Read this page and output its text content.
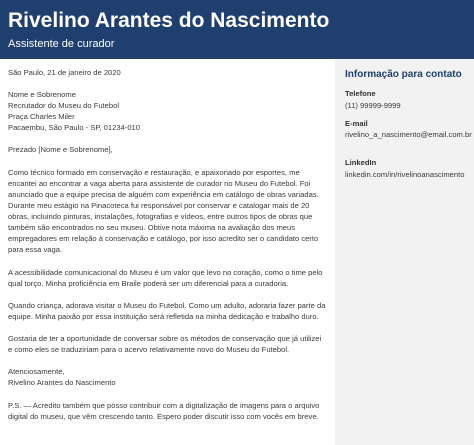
Rivelino Arantes do Nascimento
Assistente de curador

São Paulo, 21 de janeiro de 2020

Nome e Sobrenome

Recrutador do Museu do Futebol

Praça Charles Miler

Pacaembu, São Paulo - SP, 01234-010

Prezado [Nome e Sobrenome],

Como técnico formado em conservação e restauração, e apaixonado por esportes, me encantei ao encontrar a vaga aberta para assistente de curador no Museu do Futebol. Foi anunciado que a equipe precisa de alguém com experiência em catálogo de obras variadas. Durante meu estágio na Pinacoteca fui responsável por conservar e catalogar mais de 20 obras, incluindo pinturas, instalações, fotografias e vídeos, entre outros tipos de obras que também são encontrados no seu museu. Obtive nota máxima na avaliação dos meus empregadores em relação à conservação e catálogo, por isso acredito ser o candidato certo para essa vaga.

A acessibilidade comunicacional do Museu é um valor que levo no coração, como o time pelo qual torço. Minha proficiência em Braile poderá ser um diferencial para a curadoria.

Quando criança, adorava visitar o Museu do Futebol. Como um adulto, adoraria fazer parte da equipe. Minha paixão por essa instituição será refletida na minha dedicação e trabalho duro.

Gostaria de ter a oportunidade de conversar sobre os métodos de conservação que já utilizei e como eles se traduziriam para o acervo relativamente novo do Museu do Futebol.

Atenciosamente,

Rivelino Arantes do Nascimento

P.S. — Acredito também que posso contribuir com a digitalização de imagens para o arquivo digital do museu, que vêm crescendo tanto. Espero poder discutir isso com vocês em breve.

Informação para contato
Telefone
(11) 99999-9999
E-mail
rivelino_a_nascimento@email.com.br
LinkedIn
linkedin.com/in/rivelinoanascimento
